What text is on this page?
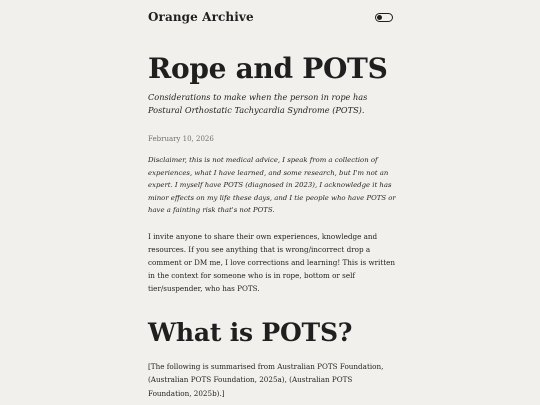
Orange Archive
Rope and POTS

Considerations to make when the person in rope has Postural Orthostatic Tachycardia Syndrome (POTS).

February 10, 2026

Disclaimer, this is not medical advice, I speak from a collection of experiences, what I have learned, and some research, but I'm not an expert. I myself have POTS (diagnosed in 2023), I acknowledge it has minor effects on my life these days, and I tie people who have POTS or have a fainting risk that's not POTS.

I invite anyone to share their own experiences, knowledge and resources. If you see anything that is wrong/incorrect drop a comment or DM me, I love corrections and learning! This is written in the context for someone who is in rope, bottom or self tier/suspender, who has POTS.

What is POTS?

[The following is summarised from Australian POTS Foundation, (Australian POTS Foundation, 2025a), (Australian POTS Foundation, 2025b).]
